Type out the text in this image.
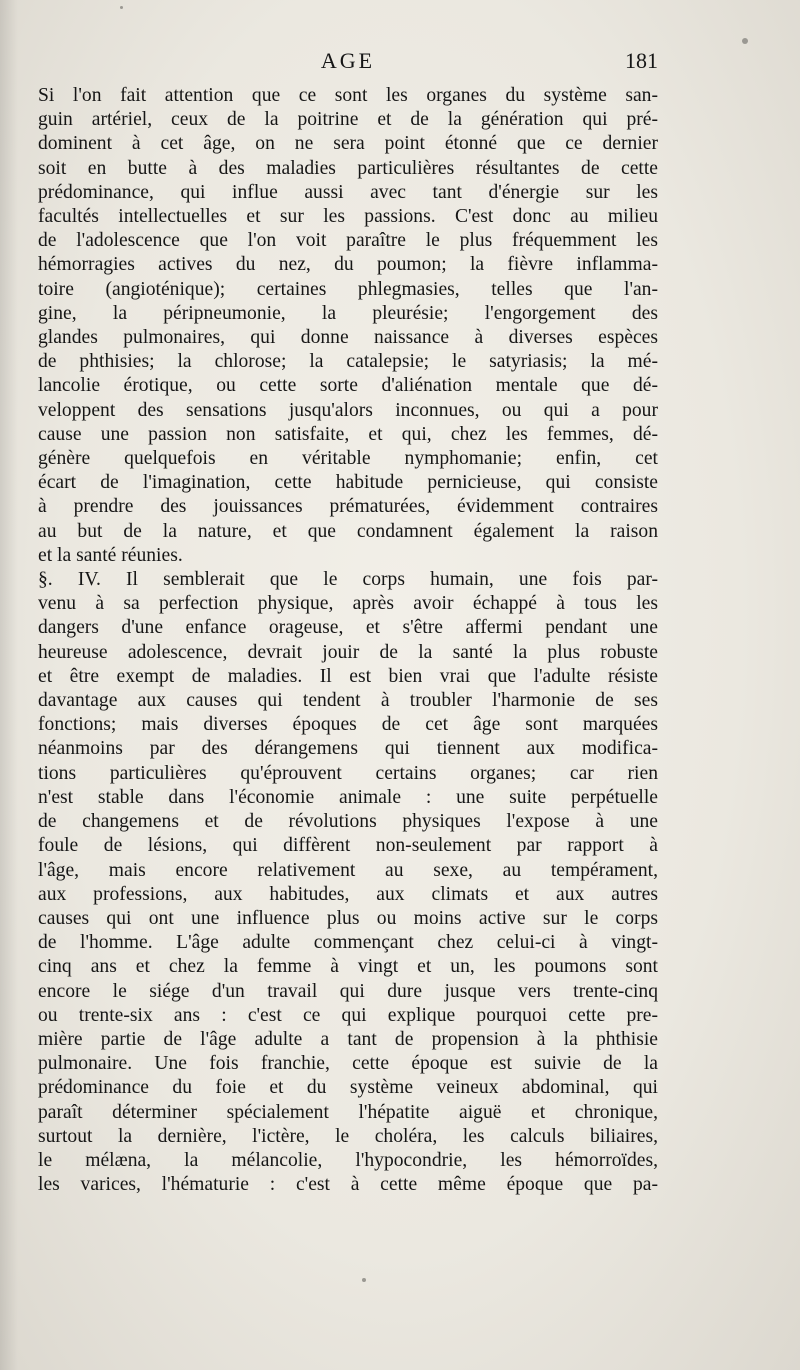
AGE	181
Si l'on fait attention que ce sont les organes du système san-
guin artériel, ceux de la poitrine et de la génération qui pré-
dominent à cet âge, on ne sera point étonné que ce dernier
soit en butte à des maladies particulières résultantes de cette
prédominance, qui influe aussi avec tant d'énergie sur les
facultés intellectuelles et sur les passions. C'est donc au milieu
de l'adolescence que l'on voit paraître le plus fréquemment les
hémorragies actives du nez, du poumon; la fièvre inflamma-
toire (angioténique); certaines phlegmasies, telles que l'an-
gine, la péripneumonie, la pleurésie; l'engorgement des
glandes pulmonaires, qui donne naissance à diverses espèces
de phthisies; la chlorose; la catalepsie; le satyriasis; la mé-
lancolie érotique, ou cette sorte d'aliénation mentale que dé-
veloppent des sensations jusqu'alors inconnues, ou qui a pour
cause une passion non satisfaite, et qui, chez les femmes, dé-
génère quelquefois en véritable nymphomanie; enfin, cet
écart de l'imagination, cette habitude pernicieuse, qui consiste
à prendre des jouissances prématurées, évidemment contraires
au but de la nature, et que condamnent également la raison
et la santé réunies.
§. IV. Il semblerait que le corps humain, une fois par-
venu à sa perfection physique, après avoir échappé à tous les
dangers d'une enfance orageuse, et s'être affermi pendant une
heureuse adolescence, devrait jouir de la santé la plus robuste
et être exempt de maladies. Il est bien vrai que l'adulte résiste
davantage aux causes qui tendent à troubler l'harmonie de ses
fonctions; mais diverses époques de cet âge sont marquées
néanmoins par des dérangemens qui tiennent aux modifica-
tions particulières qu'éprouvent certains organes; car rien
n'est stable dans l'économie animale : une suite perpétuelle
de changemens et de révolutions physiques l'expose à une
foule de lésions, qui diffèrent non-seulement par rapport à
l'âge, mais encore relativement au sexe, au tempérament,
aux professions, aux habitudes, aux climats et aux autres
causes qui ont une influence plus ou moins active sur le corps
de l'homme. L'âge adulte commençant chez celui-ci à vingt-
cinq ans et chez la femme à vingt et un, les poumons sont
encore le siége d'un travail qui dure jusque vers trente-cinq
ou trente-six ans : c'est ce qui explique pourquoi cette pre-
mière partie de l'âge adulte a tant de propension à la phthisie
pulmonaire. Une fois franchie, cette époque est suivie de la
prédominance du foie et du système veineux abdominal, qui
paraît déterminer spécialement l'hépatite aiguë et chronique,
surtout la dernière, l'ictère, le choléra, les calculs biliaires,
le mélæna, la mélancolie, l'hypocondrie, les hémorroïdes,
les varices, l'hématurie : c'est à cette même époque que pa-
